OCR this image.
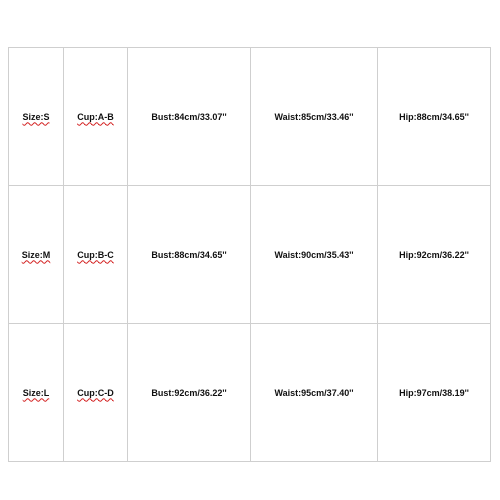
Size:S	Cup:A-B	Bust:84cm/33.07''	Waist:85cm/33.46''	Hip:88cm/34.65''
Size:M	Cup:B-C	Bust:88cm/34.65''	Waist:90cm/35.43''	Hip:92cm/36.22''
Size:L	Cup:C-D	Bust:92cm/36.22''	Waist:95cm/37.40''	Hip:97cm/38.19''
